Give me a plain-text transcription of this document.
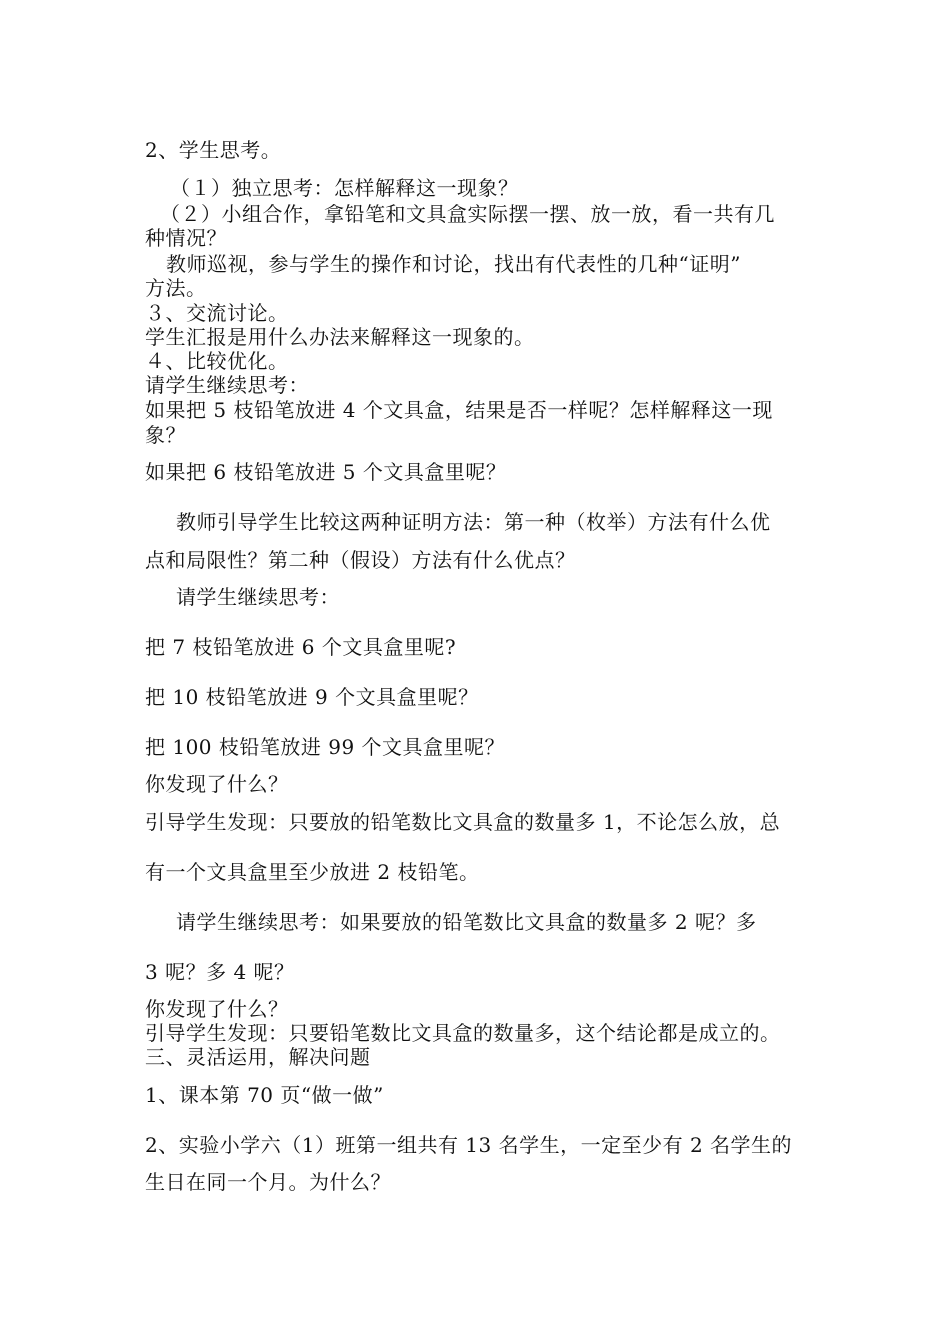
2、学生思考。
（１）独立思考：怎样解释这一现象？
（２）小组合作，拿铅笔和文具盒实际摆一摆、放一放，看一共有几
种情况？
教师巡视，参与学生的操作和讨论，找出有代表性的几种“证明”
方法。
３、交流讨论。
学生汇报是用什么办法来解释这一现象的。
４、比较优化。
请学生继续思考：
如果把 5 枝铅笔放进 4 个文具盒，结果是否一样呢？怎样解释这一现
象？
如果把 6 枝铅笔放进 5 个文具盒里呢？
教师引导学生比较这两种证明方法：第一种（枚举）方法有什么优
点和局限性？第二种（假设）方法有什么优点？
请学生继续思考：
把 7 枝铅笔放进 6 个文具盒里呢?
把 10 枝铅笔放进 9 个文具盒里呢？
把 100 枝铅笔放进 99 个文具盒里呢？
你发现了什么？
引导学生发现：只要放的铅笔数比文具盒的数量多 1，不论怎么放，总
有一个文具盒里至少放进 2 枝铅笔。
请学生继续思考：如果要放的铅笔数比文具盒的数量多 2 呢？多
3 呢？多 4 呢？
你发现了什么？
引导学生发现：只要铅笔数比文具盒的数量多，这个结论都是成立的。
三、灵活运用，解决问题
1、课本第 70 页“做一做”
2、实验小学六（1）班第一组共有 13 名学生，一定至少有 2 名学生的
生日在同一个月。为什么？
